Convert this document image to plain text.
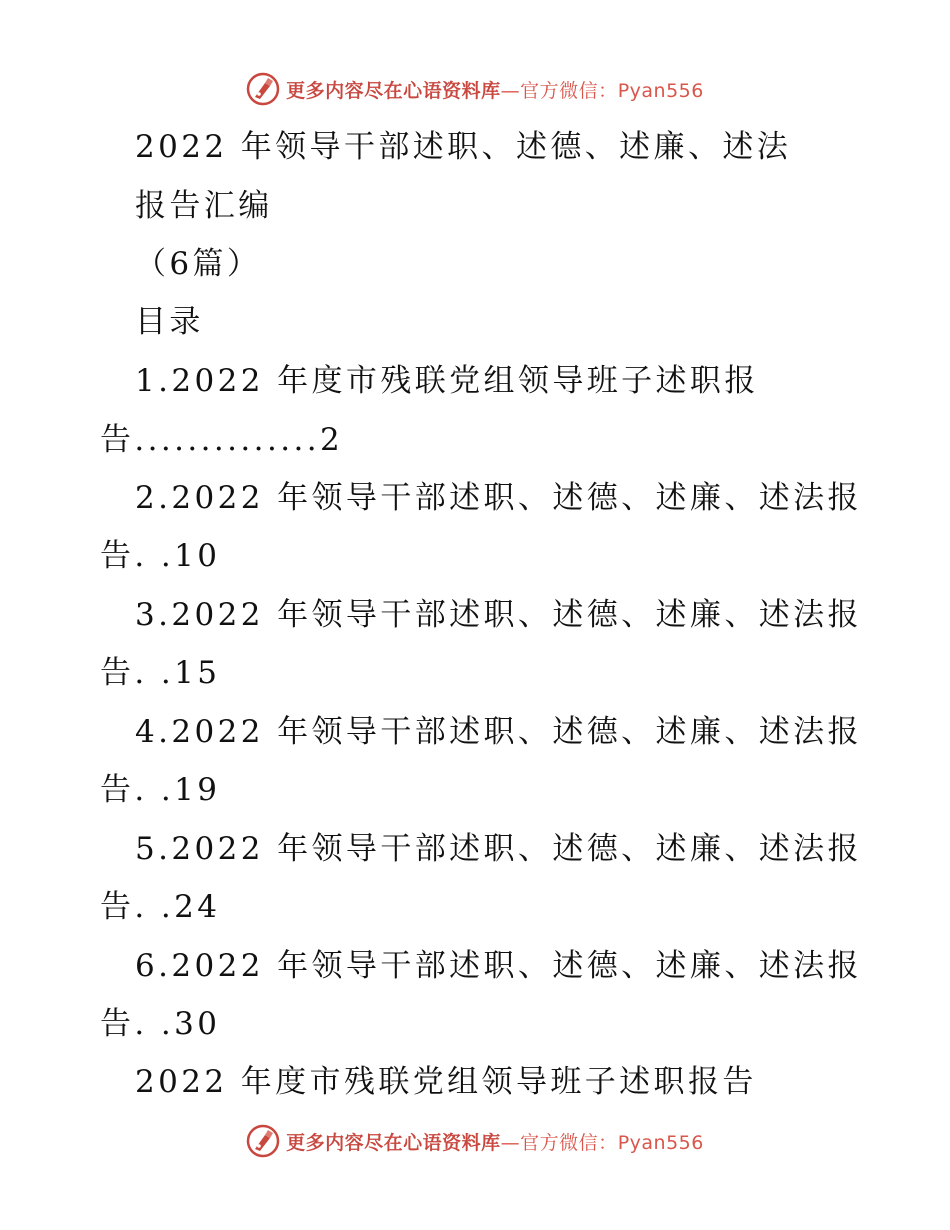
更多内容尽在心语资料库—官方微信：Pyan556
2022 年领导干部述职、述德、述廉、述法
报告汇编
（6篇）
目录
1.2022 年度市残联党组领导班子述职报
告..............2
2.2022 年领导干部述职、述德、述廉、述法报
告. .10
3.2022 年领导干部述职、述德、述廉、述法报
告. .15
4.2022 年领导干部述职、述德、述廉、述法报
告. .19
5.2022 年领导干部述职、述德、述廉、述法报
告. .24
6.2022 年领导干部述职、述德、述廉、述法报
告. .30
2022 年度市残联党组领导班子述职报告
更多内容尽在心语资料库—官方微信：Pyan556
